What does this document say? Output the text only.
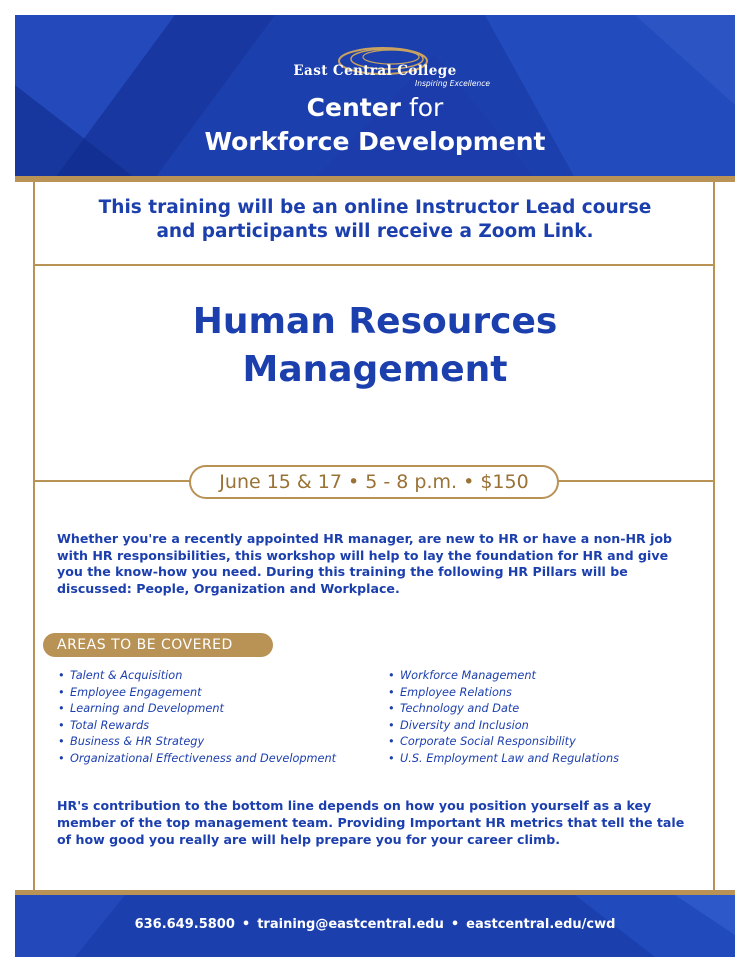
East Central College
Inspiring Excellence
Center for
Workforce Development
This training will be an online Instructor Lead course
and participants will receive a Zoom Link.
Human Resources
Management
June 15 & 17 • 5 - 8 p.m. • $150
Whether you're a recently appointed HR manager, are new to HR or have a non-HR job with HR responsibilities, this workshop will help to lay the foundation for HR and give you the know-how you need. During this training the following HR Pillars will be discussed: People, Organization and Workplace.
AREAS TO BE COVERED
• Talent & Acquisition
• Employee Engagement
• Learning and Development
• Total Rewards
• Business & HR Strategy
• Organizational Effectiveness and Development
• Workforce Management
• Employee Relations
• Technology and Date
• Diversity and Inclusion
• Corporate Social Responsibility
• U.S. Employment Law and Regulations
HR's contribution to the bottom line depends on how you position yourself as a key member of the top management team. Providing Important HR metrics that tell the tale of how good you really are will help prepare you for your career climb.
636.649.5800 • training@eastcentral.edu • eastcentral.edu/cwd
